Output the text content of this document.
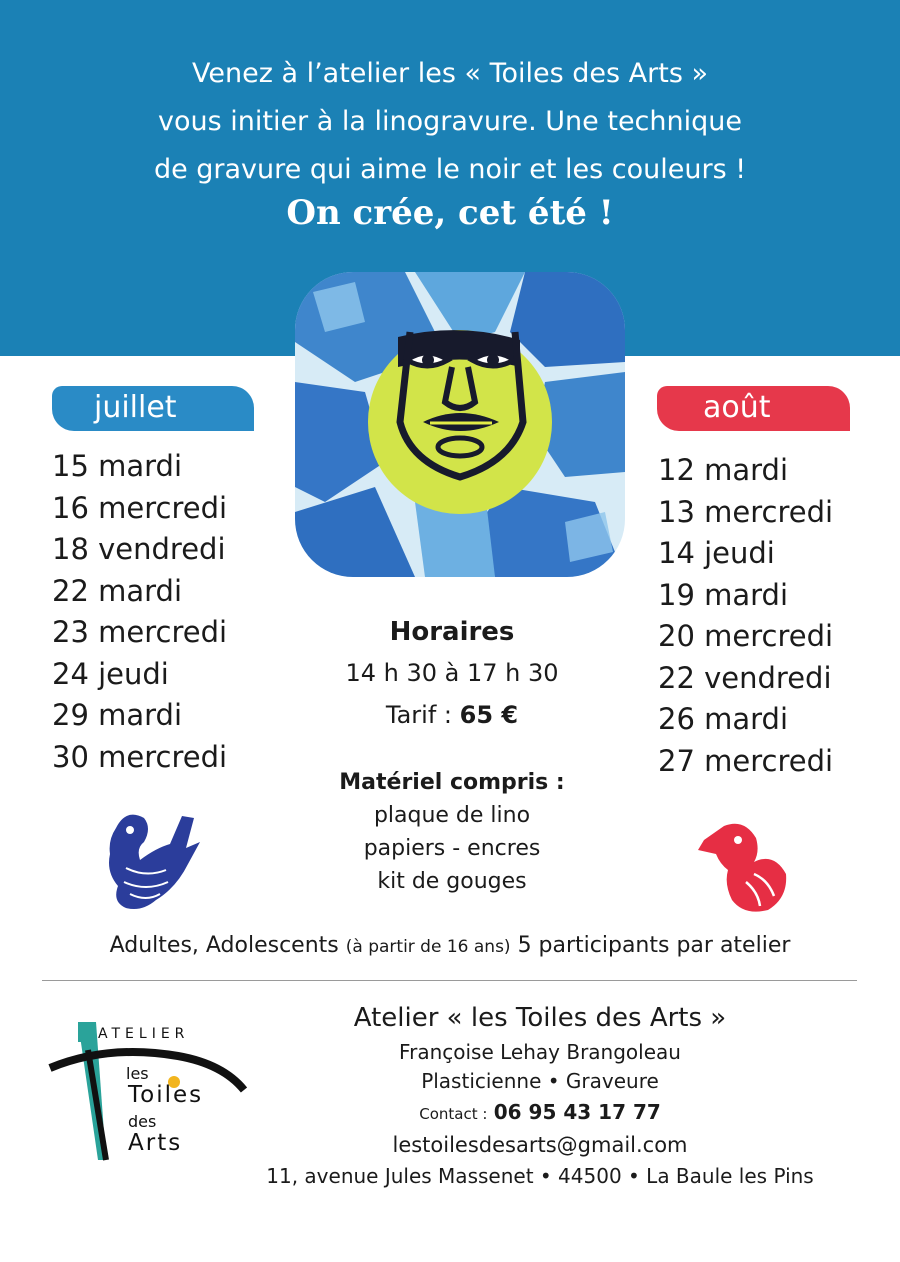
Venez à l’atelier les « Toiles des Arts »
vous initier à la linogravure. Une technique
de gravure qui aime le noir et les couleurs !
On crée, cet été !
juillet
15 mardi
16 mercredi
18 vendredi
22 mardi
23 mercredi
24 jeudi
29 mardi
30 mercredi
août
12 mardi
13 mercredi
14 jeudi
19 mardi
20 mercredi
22 vendredi
26 mardi
27 mercredi
Horaires
14 h 30 à 17 h 30
Tarif : 65 €
Matériel compris :
plaque de lino
papiers - encres
kit de gouges
Adultes, Adolescents (à partir de 16 ans) 5 participants par atelier
ATELIER
les
Toiles
des
Arts
Atelier « les Toiles des Arts »
Françoise Lehay Brangoleau
Plasticienne • Graveure
Contact : 06 95 43 17 77
lestoilesdesarts@gmail.com
11, avenue Jules Massenet • 44500 • La Baule les Pins
